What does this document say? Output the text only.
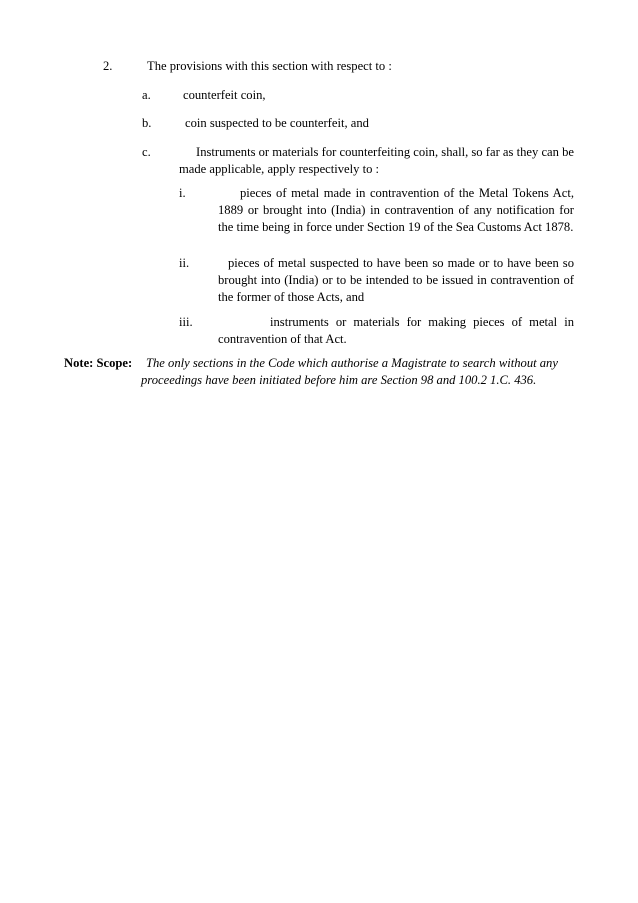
2.	The provisions with this section with respect to :
a.	counterfeit coin,
b.	coin suspected to be counterfeit, and
c.	Instruments or materials for counterfeiting coin, shall, so far as they can be made applicable, apply respectively to :
i.	pieces of metal made in contravention of the Metal Tokens Act, 1889 or brought into (India) in contravention of any notification for the time being in force under Section 19 of the Sea Customs Act 1878.
ii.	pieces of metal suspected to have been so made or to have been so brought into (India) or to be intended to be issued in contravention of the former of those Acts, and
iii.	instruments or materials for making pieces of metal in contravention of that Act.
Note: Scope:	The only sections in the Code which authorise a Magistrate to search without any proceedings have been initiated before him are Section 98 and 100.2 1.C. 436.
